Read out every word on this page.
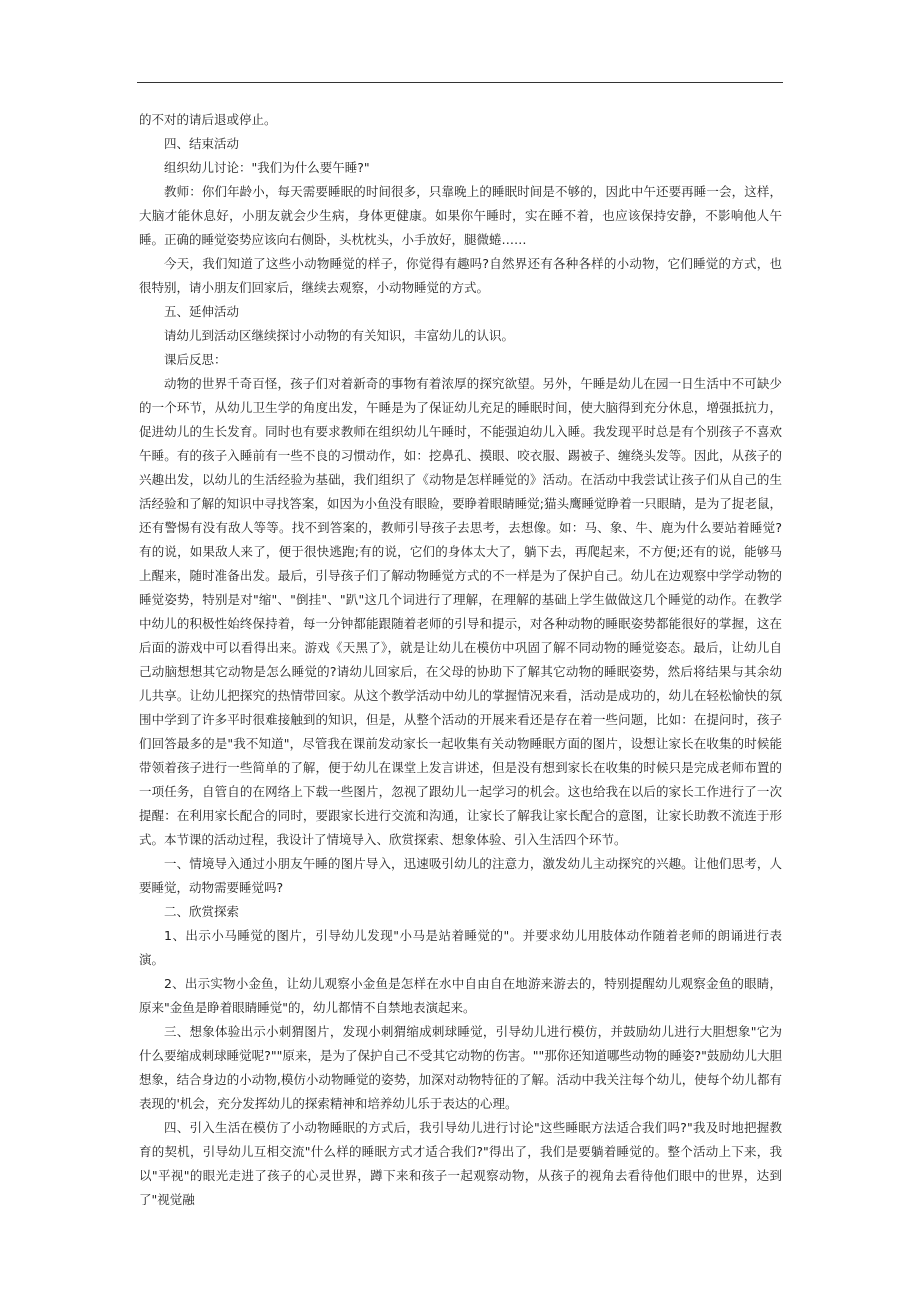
的不对的请后退或停止。

四、结束活动

组织幼儿讨论："我们为什么要午睡?"

教师：你们年龄小，每天需要睡眠的时间很多，只靠晚上的睡眠时间是不够的，因此中午还要再睡一会，这样，大脑才能休息好，小朋友就会少生病，身体更健康。如果你午睡时，实在睡不着，也应该保持安静，不影响他人午睡。正确的睡觉姿势应该向右侧卧，头枕枕头，小手放好，腿微蜷……

今天，我们知道了这些小动物睡觉的样子，你觉得有趣吗?自然界还有各种各样的小动物，它们睡觉的方式，也很特别，请小朋友们回家后，继续去观察，小动物睡觉的方式。

五、延伸活动

请幼儿到活动区继续探讨小动物的有关知识，丰富幼儿的认识。

课后反思：

动物的世界千奇百怪，孩子们对着新奇的事物有着浓厚的探究欲望。另外，午睡是幼儿在园一日生活中不可缺少的一个环节，从幼儿卫生学的角度出发，午睡是为了保证幼儿充足的睡眠时间，使大脑得到充分休息，增强抵抗力，促进幼儿的生长发育。同时也有要求教师在组织幼儿午睡时，不能强迫幼儿入睡。我发现平时总是有个别孩子不喜欢午睡。有的孩子入睡前有一些不良的习惯动作，如：挖鼻孔、摸眼、咬衣服、踢被子、缠绕头发等。因此，从孩子的兴趣出发，以幼儿的生活经验为基础，我们组织了《动物是怎样睡觉的》活动。在活动中我尝试让孩子们从自己的生活经验和了解的知识中寻找答案，如因为小鱼没有眼睑，要睁着眼睛睡觉;猫头鹰睡觉睁着一只眼睛，是为了捉老鼠，还有警惕有没有敌人等等。找不到答案的，教师引导孩子去思考，去想像。如：马、象、牛、鹿为什么要站着睡觉?有的说，如果敌人来了，便于很快逃跑;有的说，它们的身体太大了，躺下去，再爬起来，不方便;还有的说，能够马上醒来，随时准备出发。最后，引导孩子们了解动物睡觉方式的不一样是为了保护自己。幼儿在边观察中学学动物的睡觉姿势，特别是对"缩"、"倒挂"、"趴"这几个词进行了理解，在理解的基础上学生做做这几个睡觉的动作。在教学中幼儿的积极性始终保持着，每一分钟都能跟随着老师的引导和提示，对各种动物的睡眠姿势都能很好的掌握，这在后面的游戏中可以看得出来。游戏《天黑了》，就是让幼儿在模仿中巩固了解不同动物的睡觉姿态。最后，让幼儿自己动脑想想其它动物是怎么睡觉的?请幼儿回家后，在父母的协助下了解其它动物的睡眠姿势，然后将结果与其余幼儿共享。让幼儿把探究的热情带回家。从这个教学活动中幼儿的掌握情况来看，活动是成功的，幼儿在轻松愉快的氛围中学到了许多平时很难接触到的知识，但是，从整个活动的开展来看还是存在着一些问题，比如：在提问时，孩子们回答最多的是"我不知道"，尽管我在课前发动家长一起收集有关动物睡眠方面的图片，设想让家长在收集的时候能带领着孩子进行一些简单的了解，便于幼儿在课堂上发言讲述，但是没有想到家长在收集的时候只是完成老师布置的一项任务，自管自的在网络上下载一些图片，忽视了跟幼儿一起学习的机会。这也给我在以后的家长工作进行了一次提醒：在利用家长配合的同时，要跟家长进行交流和沟通，让家长了解我让家长配合的意图，让家长助教不流连于形式。本节课的活动过程，我设计了情境导入、欣赏探索、想象体验、引入生活四个环节。

一、情境导入通过小朋友午睡的图片导入，迅速吸引幼儿的注意力，激发幼儿主动探究的兴趣。让他们思考，人要睡觉，动物需要睡觉吗?

二、欣赏探索

1、出示小马睡觉的图片，引导幼儿发现"小马是站着睡觉的"。并要求幼儿用肢体动作随着老师的朗诵进行表演。

2、出示实物小金鱼，让幼儿观察小金鱼是怎样在水中自由自在地游来游去的，特别提醒幼儿观察金鱼的眼睛，原来"金鱼是睁着眼睛睡觉"的，幼儿都情不自禁地表演起来。

三、想象体验出示小刺猬图片，发现小刺猬缩成刺球睡觉，引导幼儿进行模仿，并鼓励幼儿进行大胆想象"它为什么要缩成刺球睡觉呢?""原来，是为了保护自己不受其它动物的伤害。""那你还知道哪些动物的睡姿?"鼓励幼儿大胆想象，结合身边的小动物,模仿小动物睡觉的姿势，加深对动物特征的了解。活动中我关注每个幼儿，使每个幼儿都有表现的'机会，充分发挥幼儿的探索精神和培养幼儿乐于表达的心理。

四、引入生活在模仿了小动物睡眠的方式后，我引导幼儿进行讨论"这些睡眠方法适合我们吗?"我及时地把握教育的契机，引导幼儿互相交流"什么样的睡眠方式才适合我们?"得出了，我们是要躺着睡觉的。整个活动上下来，我以"平视"的眼光走进了孩子的心灵世界，蹲下来和孩子一起观察动物，从孩子的视角去看待他们眼中的世界，达到了"视觉融
